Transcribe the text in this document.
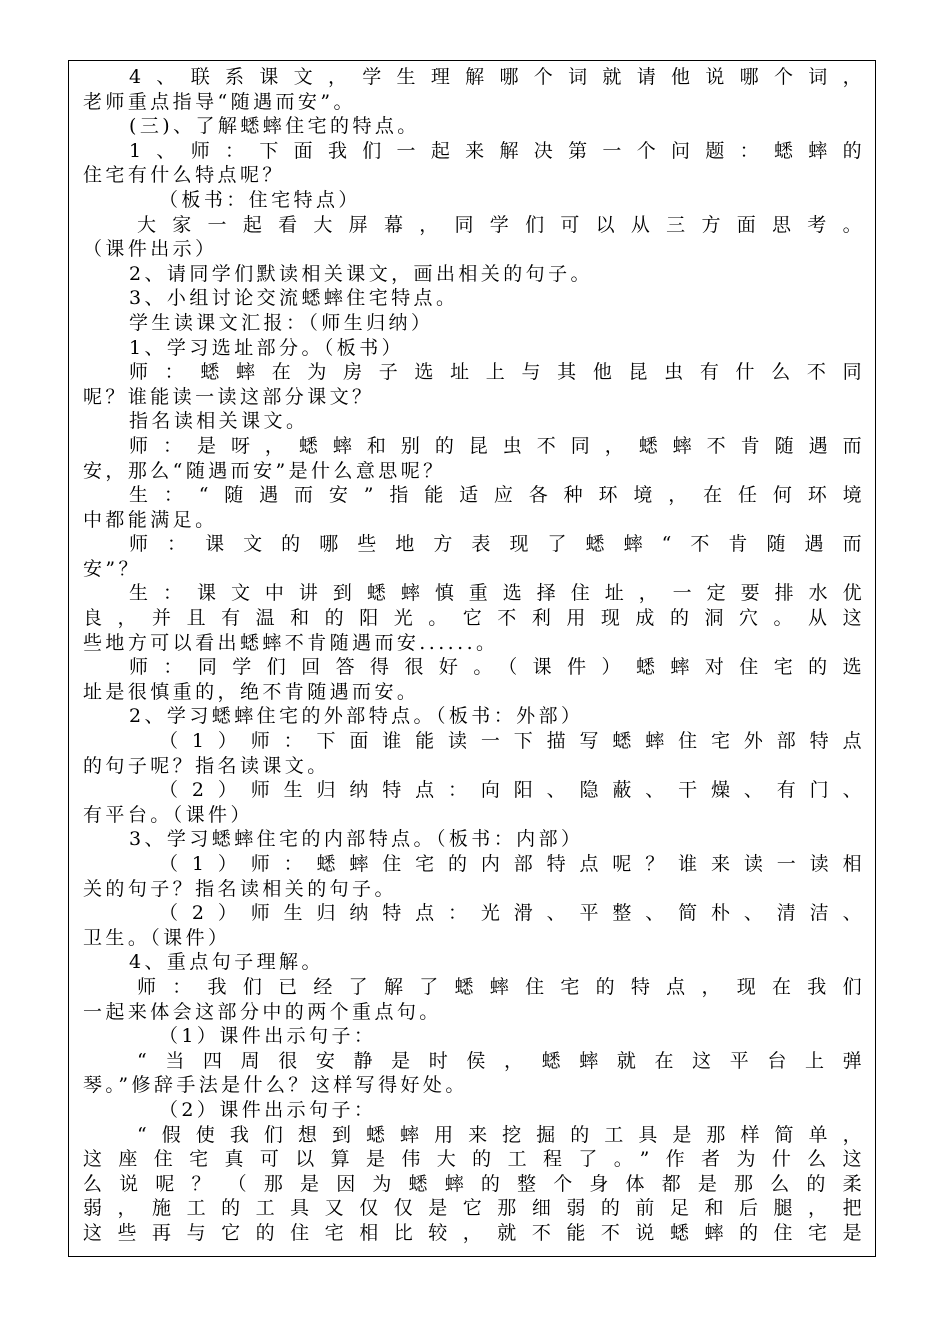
4、联系课文，学生理解哪个词就请他说哪个词，
老师重点指导“随遇而安”。
(三)、了解蟋蟀住宅的特点。
1、师：下面我们一起来解决第一个问题：蟋蟀的
住宅有什么特点呢？
（板书：住宅特点）
大家一起看大屏幕，同学们可以从三方面思考。
（课件出示）
2、请同学们默读相关课文，画出相关的句子。
3、小组讨论交流蟋蟀住宅特点。
学生读课文汇报：（师生归纳）
1、学习选址部分。（板书）
师：蟋蟀在为房子选址上与其他昆虫有什么不同
呢？谁能读一读这部分课文？
指名读相关课文。
师：是呀，蟋蟀和别的昆虫不同，蟋蟀不肯随遇而
安，那么“随遇而安”是什么意思呢？
生：“随遇而安”指能适应各种环境，在任何环境
中都能满足。
师：课文的哪些地方表现了蟋蟀“不肯随遇而
安”？
生：课文中讲到蟋蟀慎重选择住址，一定要排水优
良，并且有温和的阳光。它不利用现成的洞穴。从这
些地方可以看出蟋蟀不肯随遇而安......。
师：同学们回答得很好。（课件）蟋蟀对住宅的选
址是很慎重的，绝不肯随遇而安。
2、学习蟋蟀住宅的外部特点。（板书：外部）
（1）师：下面谁能读一下描写蟋蟀住宅外部特点
的句子呢？指名读课文。
（2）师生归纳特点：向阳、隐蔽、干燥、有门、
有平台。（课件）
3、学习蟋蟀住宅的内部特点。（板书：内部）
（1）师：蟋蟀住宅的内部特点呢？谁来读一读相
关的句子？指名读相关的句子。
（2）师生归纳特点：光滑、平整、简朴、清洁、
卫生。（课件）
4、重点句子理解。
师：我们已经了解了蟋蟀住宅的特点，现在我们
一起来体会这部分中的两个重点句。
（1）课件出示句子：
“当四周很安静是时侯，蟋蟀就在这平台上弹
琴。”修辞手法是什么？这样写得好处。
（2）课件出示句子：
“假使我们想到蟋蟀用来挖掘的工具是那样简单，
这座住宅真可以算是伟大的工程了。”作者为什么这
么说呢？（那是因为蟋蟀的整个身体都是那么的柔
弱，施工的工具又仅仅是它那细弱的前足和后腿，把
这些再与它的住宅相比较，就不能不说蟋蟀的住宅是
